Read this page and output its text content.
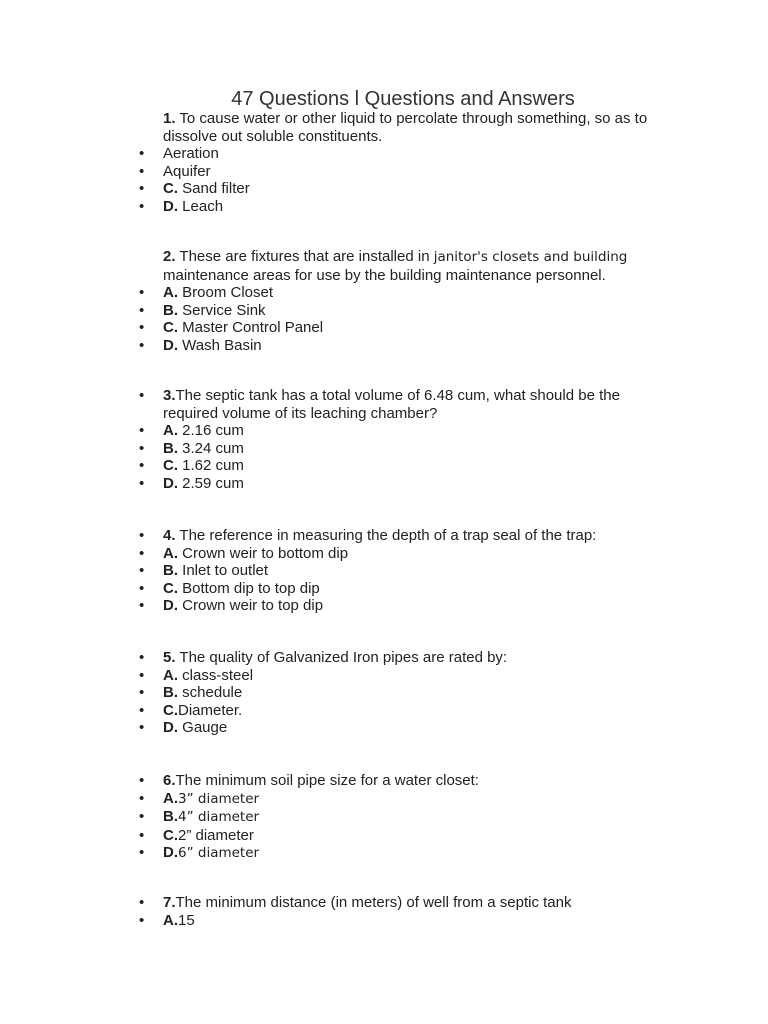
47 Questions l Questions and Answers
1. To cause water or other liquid to percolate through something, so as to dissolve out soluble constituents.
• Aeration
• Aquifer
• C. Sand filter
• D. Leach
2. These are fixtures that are installed in janitor's closets and building maintenance areas for use by the building maintenance personnel.
• A. Broom Closet
• B. Service Sink
• C. Master Control Panel
• D. Wash Basin
• 3.The septic tank has a total volume of 6.48 cum, what should be the required volume of its leaching chamber?
• A. 2.16 cum
• B. 3.24 cum
• C. 1.62 cum
• D. 2.59 cum
• 4. The reference in measuring the depth of a trap seal of the trap:
• A. Crown weir to bottom dip
• B. Inlet to outlet
• C. Bottom dip to top dip
• D. Crown weir to top dip
• 5. The quality of Galvanized Iron pipes are rated by:
• A. class-steel
• B. schedule
• C.Diameter.
• D. Gauge
• 6.The minimum soil pipe size for a water closet:
• A.3” diameter
• B.4” diameter
• C.2” diameter
• D.6” diameter
• 7.The minimum distance (in meters) of well from a septic tank
• A.15
